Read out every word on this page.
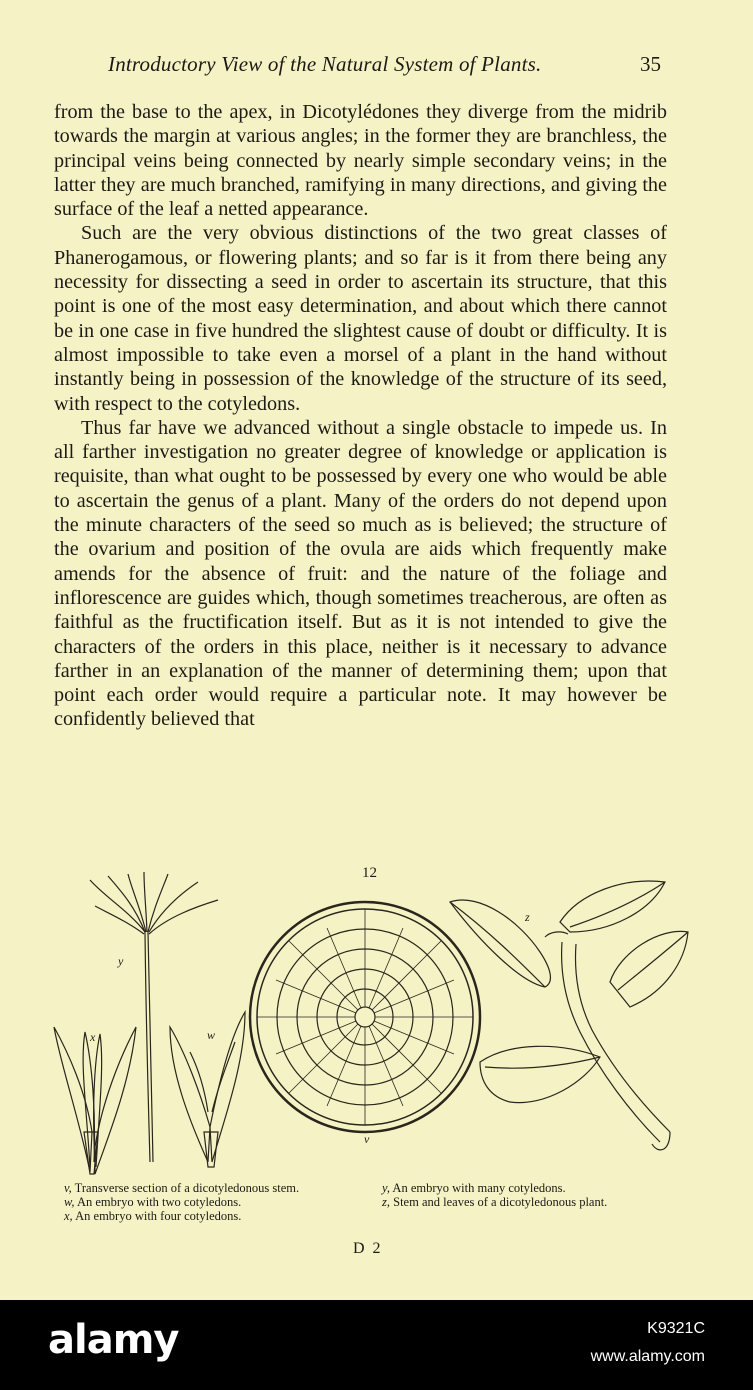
Introductory View of the Natural System of Plants.	35

from the base to the apex, in Dicotylédones they diverge from the midrib towards the margin at various angles; in the former they are branchless, the principal veins being connected by nearly simple secondary veins; in the latter they are much branched, ramifying in many directions, and giving the surface of the leaf a netted appearance.

Such are the very obvious distinctions of the two great classes of Phanerogamous, or flowering plants; and so far is it from there being any necessity for dissecting a seed in order to ascertain its structure, that this point is one of the most easy determination, and about which there cannot be in one case in five hundred the slightest cause of doubt or difficulty. It is almost impossible to take even a morsel of a plant in the hand without instantly being in possession of the knowledge of the structure of its seed, with respect to the cotyledons.

Thus far have we advanced without a single obstacle to impede us. In all farther investigation no greater degree of knowledge or application is requisite, than what ought to be possessed by every one who would be able to ascertain the genus of a plant. Many of the orders do not depend upon the minute characters of the seed so much as is believed; the structure of the ovarium and position of the ovula are aids which frequently make amends for the absence of fruit: and the nature of the foliage and inflorescence are guides which, though sometimes treacherous, are often as faithful as the fructification itself. But as it is not intended to give the characters of the orders in this place, neither is it necessary to advance farther in an explanation of the manner of determining them; upon that point each order would require a particular note. It may however be confidently believed that

12
y
x	w
v
z
v, Transverse section of a dicotyledonous stem.
w, An embryo with two cotyledons.
x, An embryo with four cotyledons.
y, An embryo with many cotyledons.
z, Stem and leaves of a dicotyledonous plant.
D 2
alamy	K9321C
www.alamy.com
